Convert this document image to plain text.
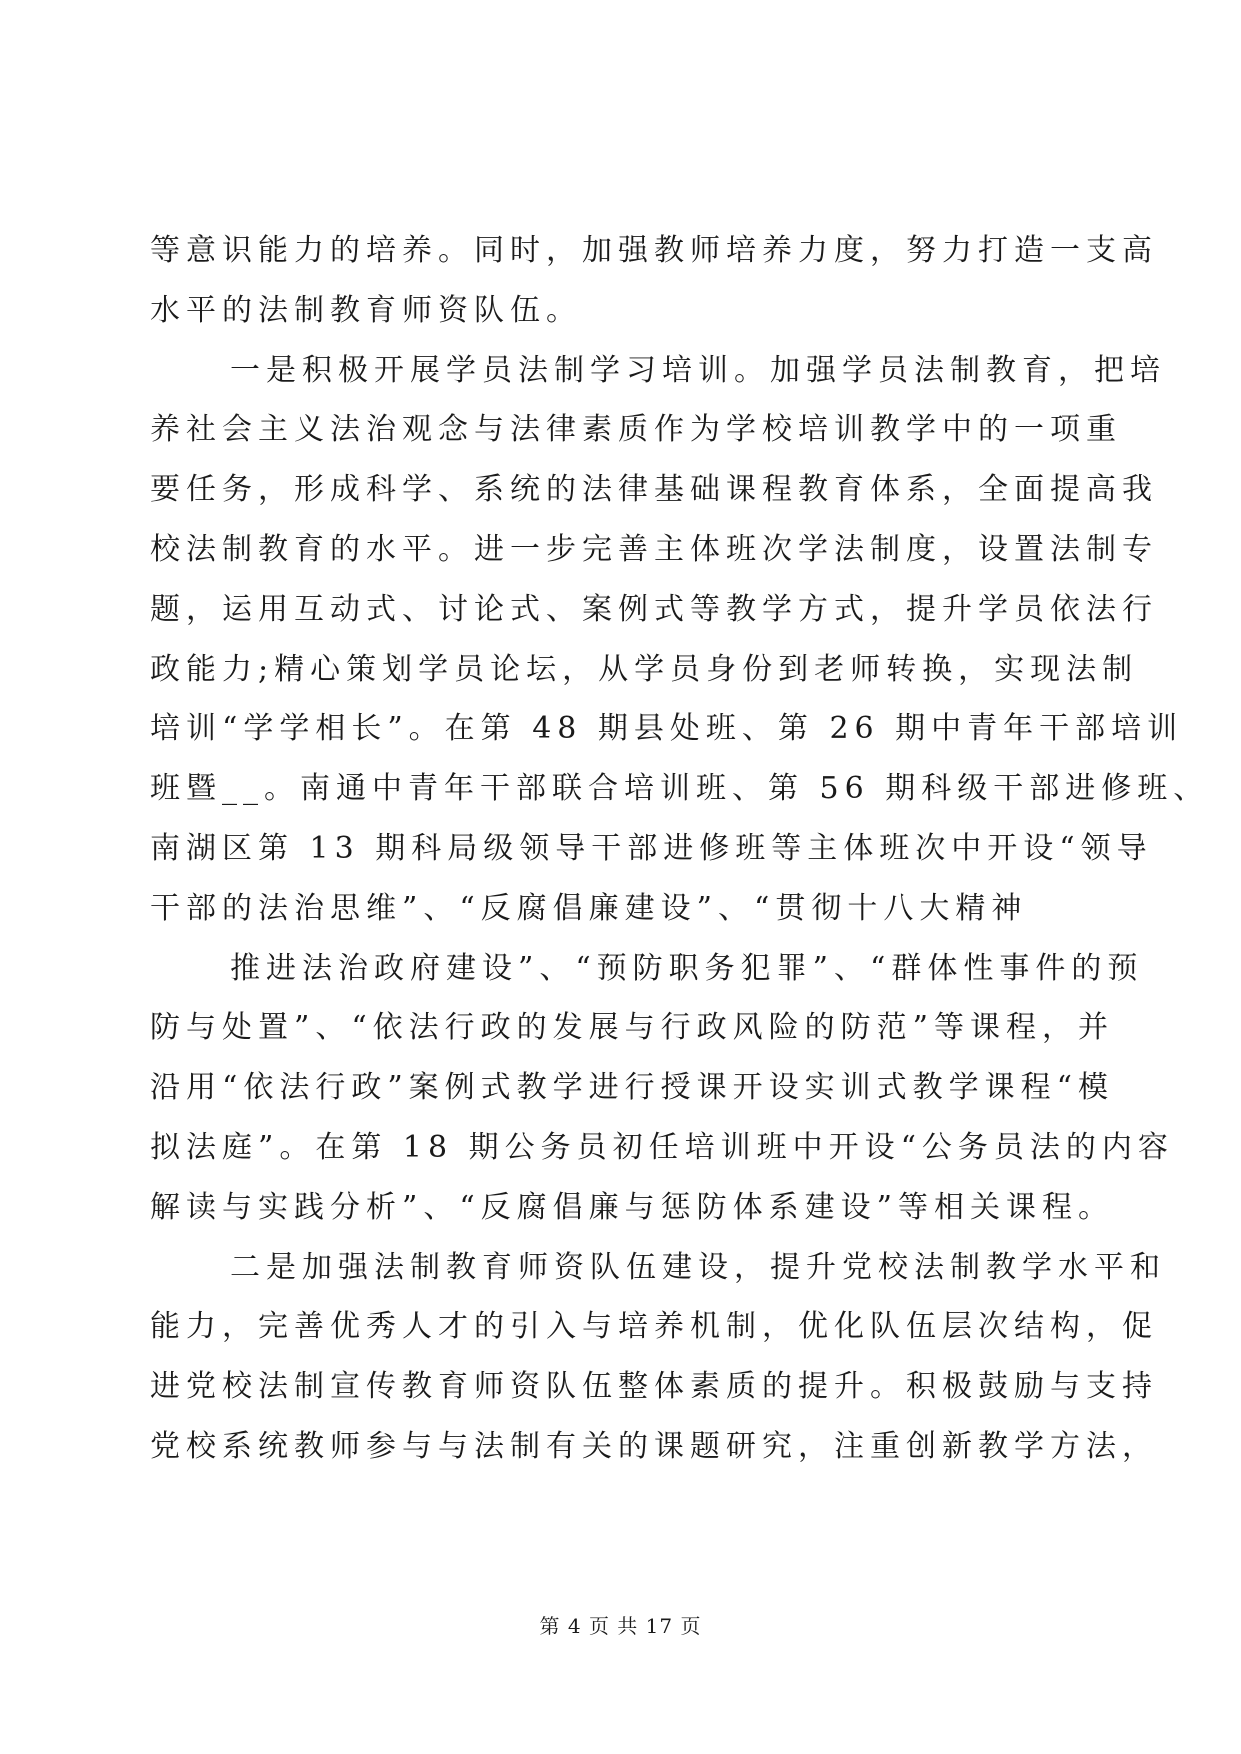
等意识能力的培养。同时，加强教师培养力度，努力打造一支高
水平的法制教育师资队伍。
一是积极开展学员法制学习培训。加强学员法制教育，把培
养社会主义法治观念与法律素质作为学校培训教学中的一项重
要任务，形成科学、系统的法律基础课程教育体系，全面提高我
校法制教育的水平。进一步完善主体班次学法制度，设置法制专
题，运用互动式、讨论式、案例式等教学方式，提升学员依法行
政能力;精心策划学员论坛，从学员身份到老师转换，实现法制
培训“学学相长”。在第 48 期县处班、第 26 期中青年干部培训
班暨__。南通中青年干部联合培训班、第 56 期科级干部进修班、
南湖区第 13 期科局级领导干部进修班等主体班次中开设“领导
干部的法治思维”、“反腐倡廉建设”、“贯彻十八大精神
推进法治政府建设”、“预防职务犯罪”、“群体性事件的预
防与处置”、“依法行政的发展与行政风险的防范”等课程，并
沿用“依法行政”案例式教学进行授课开设实训式教学课程“模
拟法庭”。在第 18 期公务员初任培训班中开设“公务员法的内容
解读与实践分析”、“反腐倡廉与惩防体系建设”等相关课程。
二是加强法制教育师资队伍建设，提升党校法制教学水平和
能力，完善优秀人才的引入与培养机制，优化队伍层次结构，促
进党校法制宣传教育师资队伍整体素质的提升。积极鼓励与支持
党校系统教师参与与法制有关的课题研究，注重创新教学方法，
第 4 页 共 17 页
